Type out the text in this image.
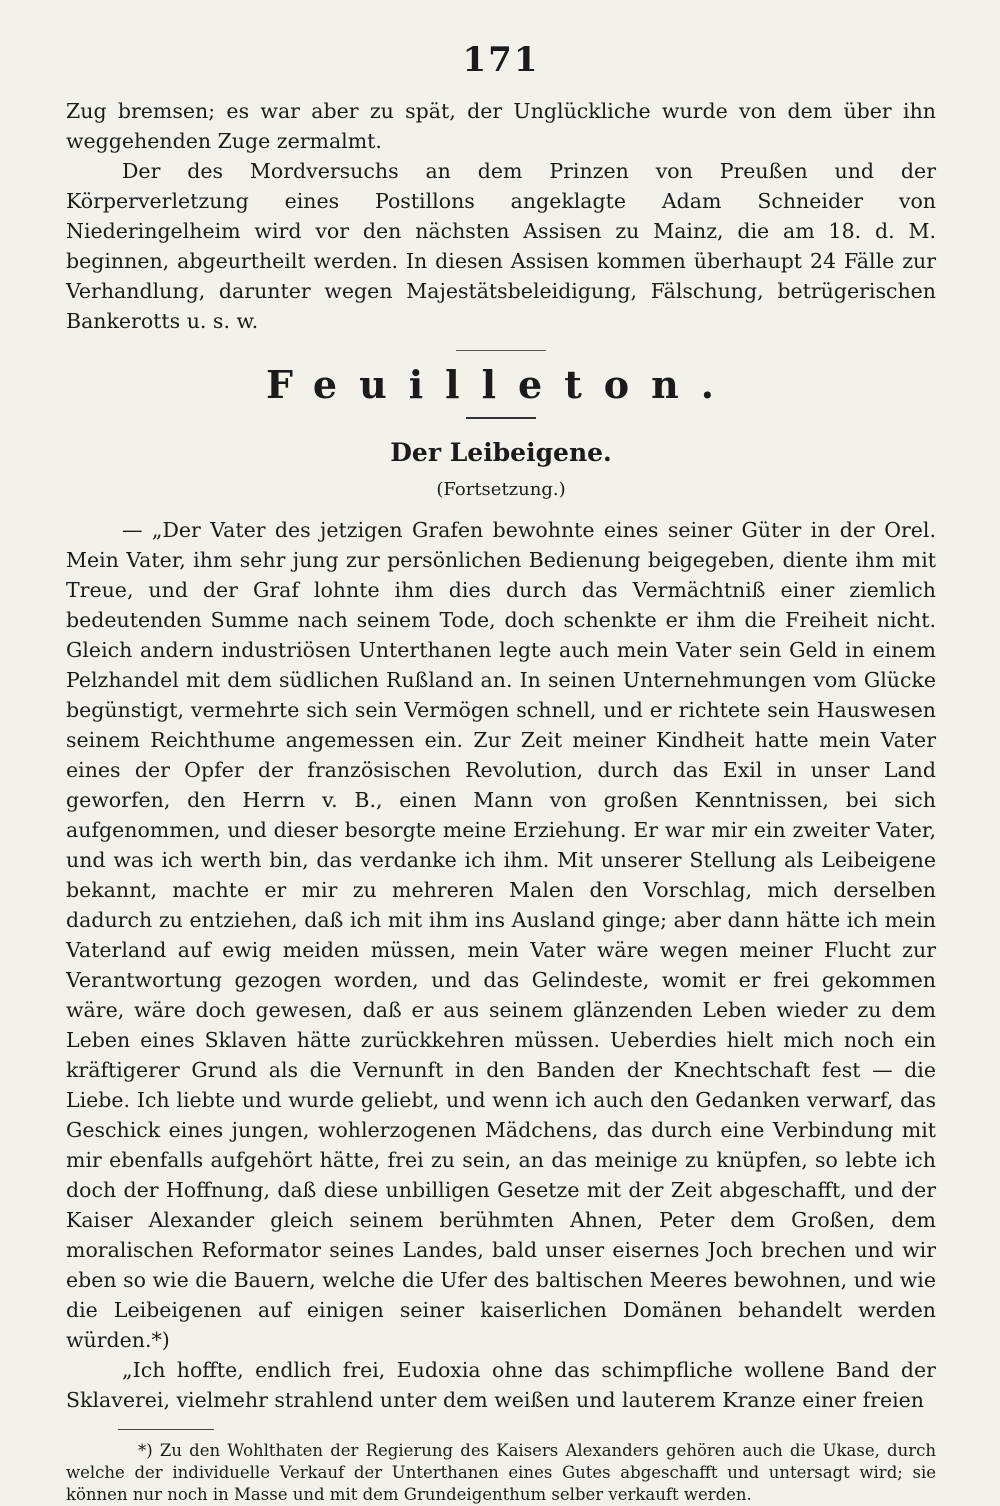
171

Zug bremsen; es war aber zu spät, der Unglückliche wurde von dem über ihn weggehenden Zuge zermalmt.

Der des Mordversuchs an dem Prinzen von Preußen und der Körperverletzung eines Postillons angeklagte Adam Schneider von Niederingelheim wird vor den nächsten Assisen zu Mainz, die am 18. d. M. beginnen, abgeurtheilt werden. In diesen Assisen kommen überhaupt 24 Fälle zur Verhandlung, darunter wegen Majestätsbeleidigung, Fälschung, betrügerischen Bankerotts u. s. w.

Feuilleton.
Der Leibeigene.
(Fortsetzung.)

— „Der Vater des jetzigen Grafen bewohnte eines seiner Güter in der Orel. Mein Vater, ihm sehr jung zur persönlichen Bedienung beigegeben, diente ihm mit Treue, und der Graf lohnte ihm dies durch das Vermächtniß einer ziemlich bedeutenden Summe nach seinem Tode, doch schenkte er ihm die Freiheit nicht. Gleich andern industriösen Unterthanen legte auch mein Vater sein Geld in einem Pelzhandel mit dem südlichen Rußland an. In seinen Unternehmungen vom Glücke begünstigt, vermehrte sich sein Vermögen schnell, und er richtete sein Hauswesen seinem Reichthume angemessen ein. Zur Zeit meiner Kindheit hatte mein Vater eines der Opfer der französischen Revolution, durch das Exil in unser Land geworfen, den Herrn v. B., einen Mann von großen Kenntnissen, bei sich aufgenommen, und dieser besorgte meine Erziehung. Er war mir ein zweiter Vater, und was ich werth bin, das verdanke ich ihm. Mit unserer Stellung als Leibeigene bekannt, machte er mir zu mehreren Malen den Vorschlag, mich derselben dadurch zu entziehen, daß ich mit ihm ins Ausland ginge; aber dann hätte ich mein Vaterland auf ewig meiden müssen, mein Vater wäre wegen meiner Flucht zur Verantwortung gezogen worden, und das Gelindeste, womit er frei gekommen wäre, wäre doch gewesen, daß er aus seinem glänzenden Leben wieder zu dem Leben eines Sklaven hätte zurückkehren müssen. Ueberdies hielt mich noch ein kräftigerer Grund als die Vernunft in den Banden der Knechtschaft fest — die Liebe. Ich liebte und wurde geliebt, und wenn ich auch den Gedanken verwarf, das Geschick eines jungen, wohlerzogenen Mädchens, das durch eine Verbindung mit mir ebenfalls aufgehört hätte, frei zu sein, an das meinige zu knüpfen, so lebte ich doch der Hoffnung, daß diese unbilligen Gesetze mit der Zeit abgeschafft, und der Kaiser Alexander gleich seinem berühmten Ahnen, Peter dem Großen, dem moralischen Reformator seines Landes, bald unser eisernes Joch brechen und wir eben so wie die Bauern, welche die Ufer des baltischen Meeres bewohnen, und wie die Leibeigenen auf einigen seiner kaiserlichen Domänen behandelt werden würden.*)

„Ich hoffte, endlich frei, Eudoxia ohne das schimpfliche wollene Band der Sklaverei, vielmehr strahlend unter dem weißen und lauterem Kranze einer freien

*) Zu den Wohlthaten der Regierung des Kaisers Alexanders gehören auch die Ukase, durch welche der individuelle Verkauf der Unterthanen eines Gutes abgeschafft und untersagt wird; sie können nur noch in Masse und mit dem Grundeigenthum selber verkauft werden.
